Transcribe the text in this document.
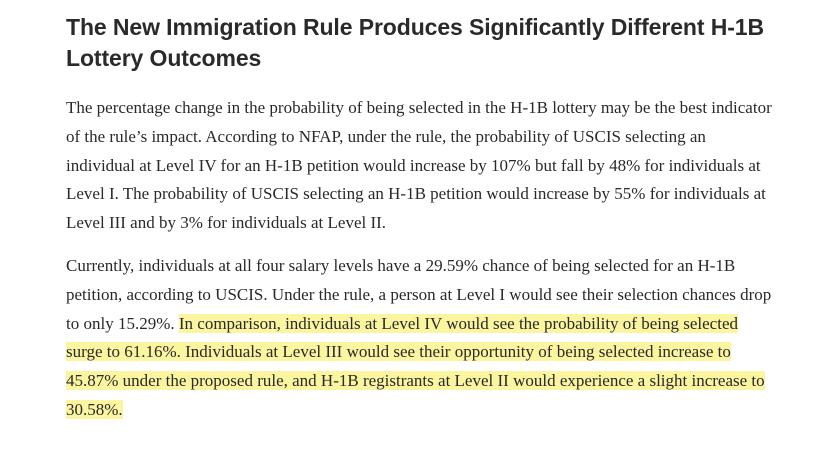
The New Immigration Rule Produces Significantly Different H-1B Lottery Outcomes

The percentage change in the probability of being selected in the H-1B lottery may be the best indicator of the rule’s impact. According to NFAP, under the rule, the probability of USCIS selecting an individual at Level IV for an H-1B petition would increase by 107% but fall by 48% for individuals at Level I. The probability of USCIS selecting an H-1B petition would increase by 55% for individuals at Level III and by 3% for individuals at Level II.

Currently, individuals at all four salary levels have a 29.59% chance of being selected for an H-1B petition, according to USCIS. Under the rule, a person at Level I would see their selection chances drop to only 15.29%. In comparison, individuals at Level IV would see the probability of being selected surge to 61.16%. Individuals at Level III would see their opportunity of being selected increase to 45.87% under the proposed rule, and H-1B registrants at Level II would experience a slight increase to 30.58%.
